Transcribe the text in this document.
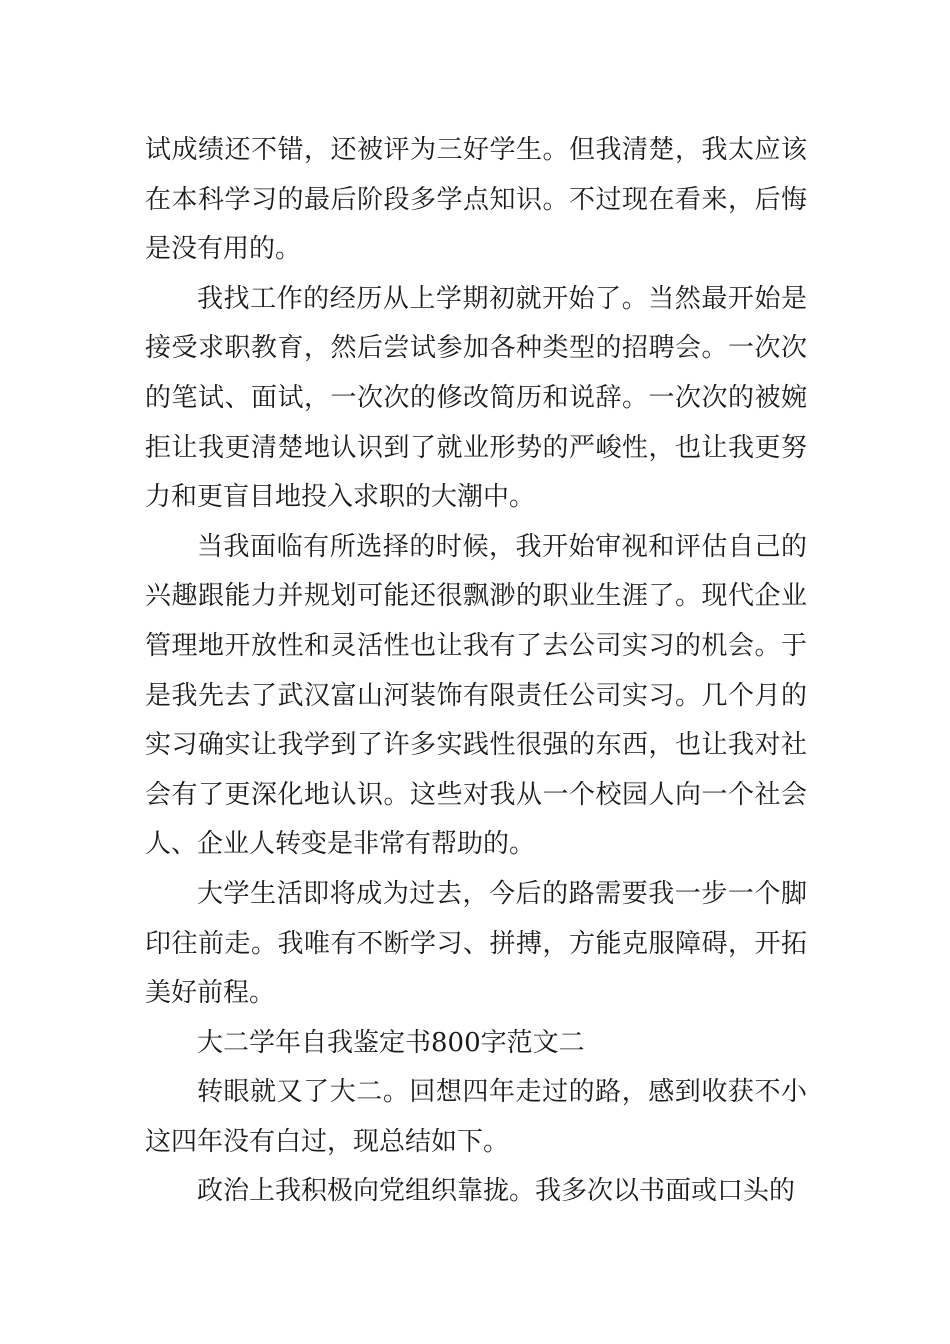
试成绩还不错，还被评为三好学生。但我清楚，我太应该在本科学习的最后阶段多学点知识。不过现在看来，后悔是没有用的。

我找工作的经历从上学期初就开始了。当然最开始是接受求职教育，然后尝试参加各种类型的招聘会。一次次的笔试、面试，一次次的修改简历和说辞。一次次的被婉拒让我更清楚地认识到了就业形势的严峻性，也让我更努力和更盲目地投入求职的大潮中。

当我面临有所选择的时候，我开始审视和评估自己的兴趣跟能力并规划可能还很飘渺的职业生涯了。现代企业管理地开放性和灵活性也让我有了去公司实习的机会。于是我先去了武汉富山河装饰有限责任公司实习。几个月的实习确实让我学到了许多实践性很强的东西，也让我对社会有了更深化地认识。这些对我从一个校园人向一个社会人、企业人转变是非常有帮助的。

大学生活即将成为过去，今后的路需要我一步一个脚印往前走。我唯有不断学习、拼搏，方能克服障碍，开拓美好前程。

大二学年自我鉴定书800字范文二

转眼就又了大二。回想四年走过的路，感到收获不小这四年没有白过，现总结如下。

政治上我积极向党组织靠拢。我多次以书面或口头的
